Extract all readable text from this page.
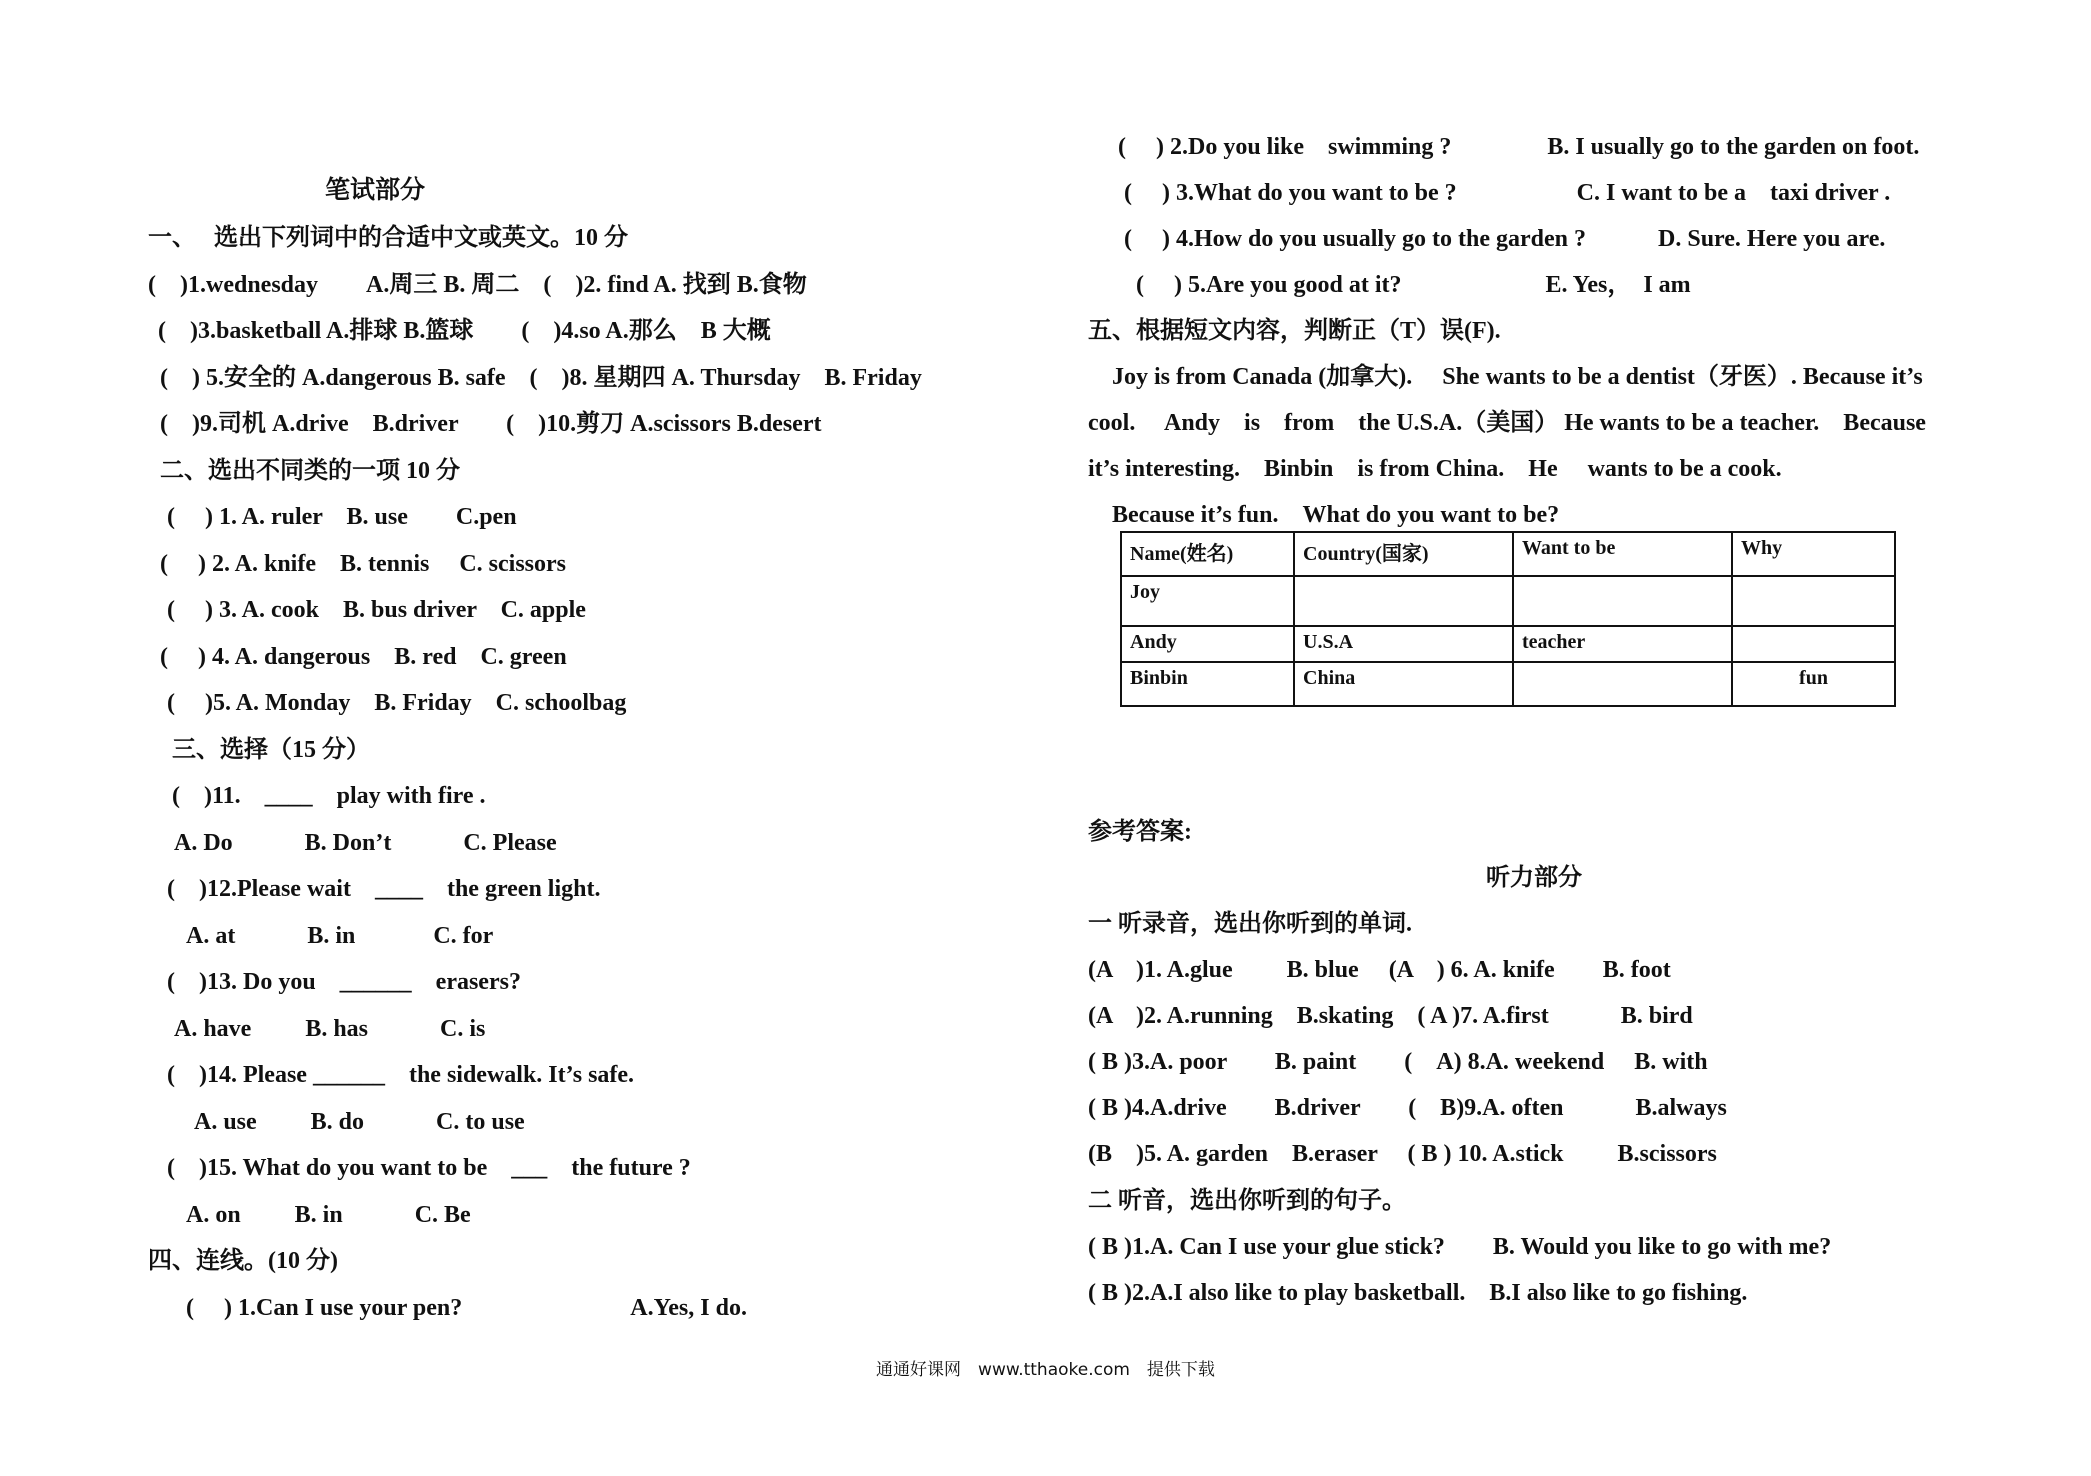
笔试部分
一、　 选出下列词中的合适中文或英文。10 分
(　)1.wednesday　　A.周三 B. 周二　(　)2. find A. 找到 B.食物
(　)3.basketball A.排球 B.篮球　　(　)4.so A.那么　B 大概
(　) 5.安全的 A.dangerous B. safe　(　)8. 星期四 A. Thursday　B. Friday
(　)9.司机 A.drive　B.driver　　(　)10.剪刀 A.scissors B.desert
二、选出不同类的一项 10 分
(　 ) 1. A. ruler　B. use　　C.pen
(　 ) 2. A. knife　B. tennis　 C. scissors
(　 ) 3. A. cook　B. bus driver　C. apple
(　 ) 4. A. dangerous　B. red　C. green
(　 )5. A. Monday　B. Friday　C. schoolbag
三、选择（15 分）
(　)11.　____　play with fire .
A. Do　　　B. Don’t　　　C. Please
(　)12.Please wait　____　the green light.
A. at　　　B. in　　　 C. for
(　)13. Do you　______　erasers?
A. have　　 B. has　　　C. is
(　)14. Please ______　the sidewalk. It’s safe.
A. use　　 B. do　　　C. to use
(　)15. What do you want to be　___　the future ?
A. on　　 B. in　　　C. Be
四、连线。(10 分)
(　 ) 1.Can I use your pen?　　　　　　　A.Yes, I do.
(　 ) 2.Do you like　swimming ?　　　　B. I usually go to the garden on foot.
(　 ) 3.What do you want to be ?　　　　　C. I want to be a　taxi driver .
(　 ) 4.How do you usually go to the garden ?　　　D. Sure. Here you are.
(　 ) 5.Are you good at it?　　　　　　E. Yes，　I am
五、根据短文内容，判断正（T）误(F).
　Joy is from Canada (加拿大).　 She wants to be a dentist（牙医）. Because it’s
cool.　 Andy　is　from　the U.S.A.（美国） He wants to be a teacher.　Because
it’s interesting.　Binbin　is from China.　He　 wants to be a cook.
　Because it’s fun.　What do you want to be?
Name(姓名)	Country(国家)	Want to be	Why
Joy			
Andy	U.S.A	teacher	
Binbin	China		fun
参考答案:
听力部分
一 听录音，选出你听到的单词.
(A　)1. A.glue　　 B. blue　 (A　) 6. A. knife　　B. foot
(A　)2. A.running　B.skating　( A )7. A.first　　　B. bird
( B )3.A. poor　　B. paint　　(　A) 8.A. weekend　 B. with
( B )4.A.drive　　B.driver　　(　B)9.A. often　　　B.always
(B　)5. A. garden　B.eraser　 ( B ) 10. A.stick　　 B.scissors
二 听音，选出你听到的句子。
( B )1.A. Can I use your glue stick?　　B. Would you like to go with me?
( B )2.A.I also like to play basketball.　B.I also like to go fishing.
通通好课网　www.tthaoke.com　提供下载
